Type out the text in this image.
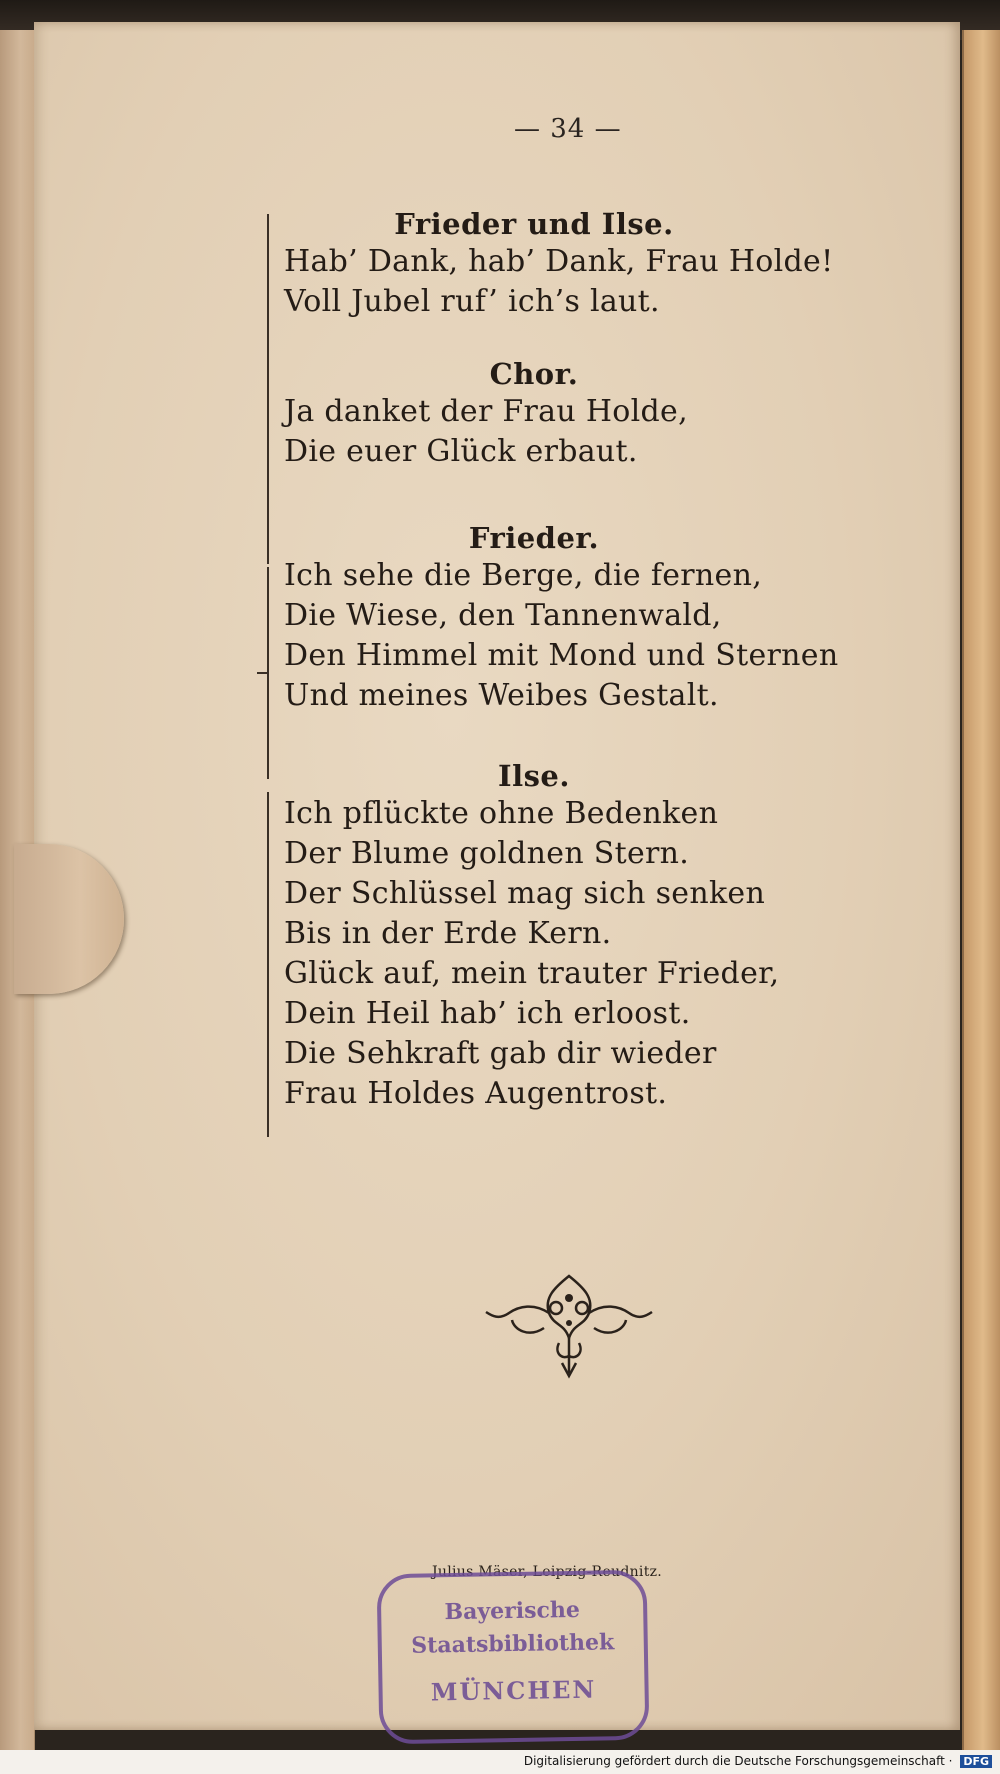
— 34 —
Frieder und Ilse.
Hab’ Dank, hab’ Dank, Frau Holde!
Voll Jubel ruf’ ich’s laut.
Chor.
Ja danket der Frau Holde,
Die euer Glück erbaut.
Frieder.
Ich sehe die Berge, die fernen,
Die Wiese, den Tannenwald,
Den Himmel mit Mond und Sternen
Und meines Weibes Gestalt.
Ilse.
Ich pflückte ohne Bedenken
Der Blume goldnen Stern.
Der Schlüssel mag sich senken
Bis in der Erde Kern.
Glück auf, mein trauter Frieder,
Dein Heil hab’ ich erloost.
Die Sehkraft gab dir wieder
Frau Holdes Augentrost.
Julius Mäser, Leipzig-Reudnitz.
Bayerische
Staatsbibliothek
MÜNCHEN
Digitalisierung gefördert durch die Deutsche Forschungsgemeinschaft · DFG
